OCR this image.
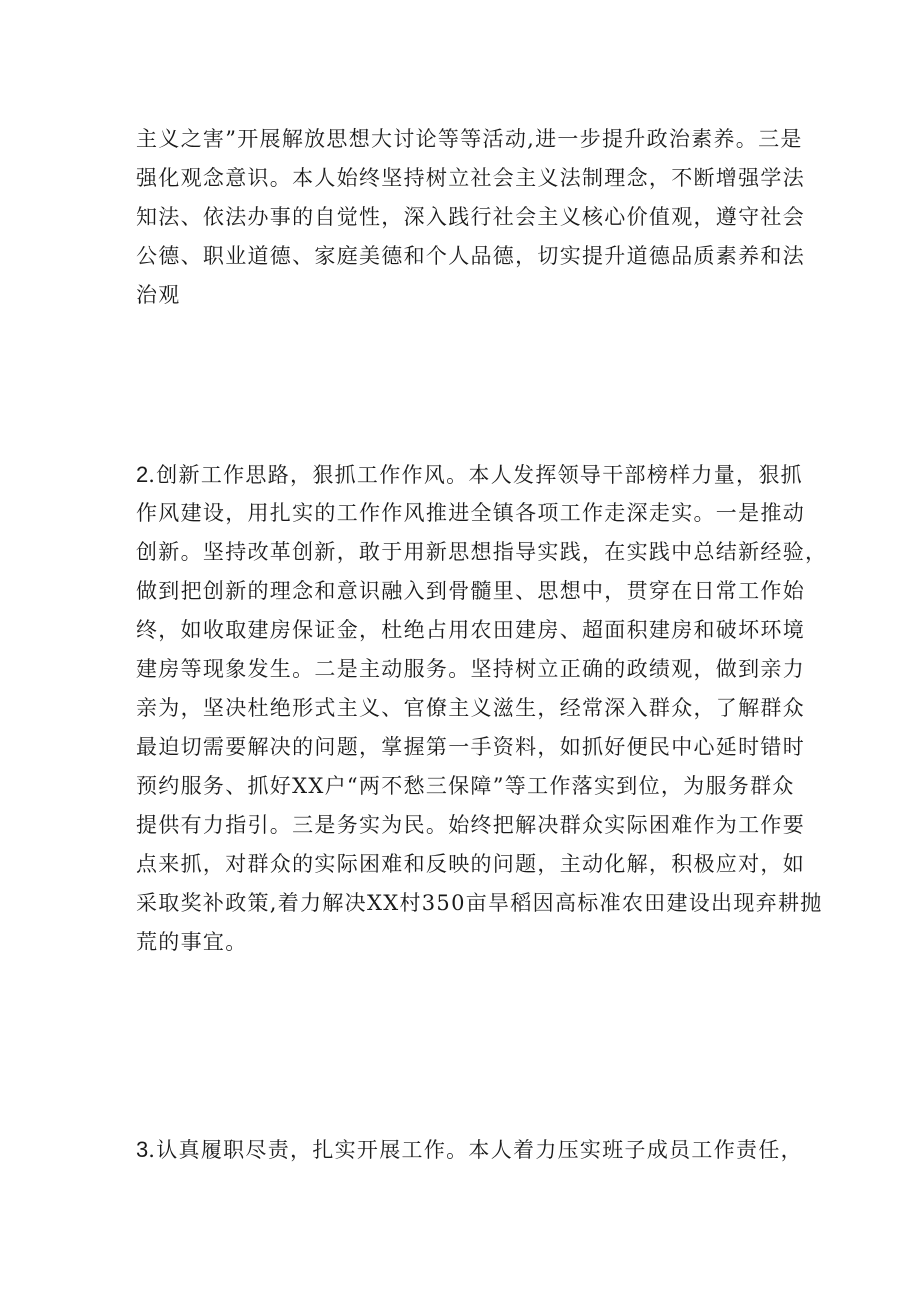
主义之害”开展解放思想大讨论等等活动,进一步提升政治素养。三是
强化观念意识。本人始终坚持树立社会主义法制理念，不断增强学法
知法、依法办事的自觉性，深入践行社会主义核心价值观，遵守社会
公德、职业道德、家庭美德和个人品德，切实提升道德品质素养和法
治观
2.创新工作思路，狠抓工作作风。本人发挥领导干部榜样力量，狠抓
作风建设，用扎实的工作作风推进全镇各项工作走深走实。一是推动
创新。坚持改革创新，敢于用新思想指导实践，在实践中总结新经验，
做到把创新的理念和意识融入到骨髓里、思想中，贯穿在日常工作始
终，如收取建房保证金，杜绝占用农田建房、超面积建房和破坏环境
建房等现象发生。二是主动服务。坚持树立正确的政绩观，做到亲力
亲为，坚决杜绝形式主义、官僚主义滋生，经常深入群众，了解群众
最迫切需要解决的问题，掌握第一手资料，如抓好便民中心延时错时
预约服务、抓好XX户“两不愁三保障”等工作落实到位，为服务群众
提供有力指引。三是务实为民。始终把解决群众实际困难作为工作要
点来抓，对群众的实际困难和反映的问题，主动化解，积极应对，如
采取奖补政策,着力解决XX村350亩旱稻因高标准农田建设出现弃耕抛
荒的事宜。
3.认真履职尽责，扎实开展工作。本人着力压实班子成员工作责任，
